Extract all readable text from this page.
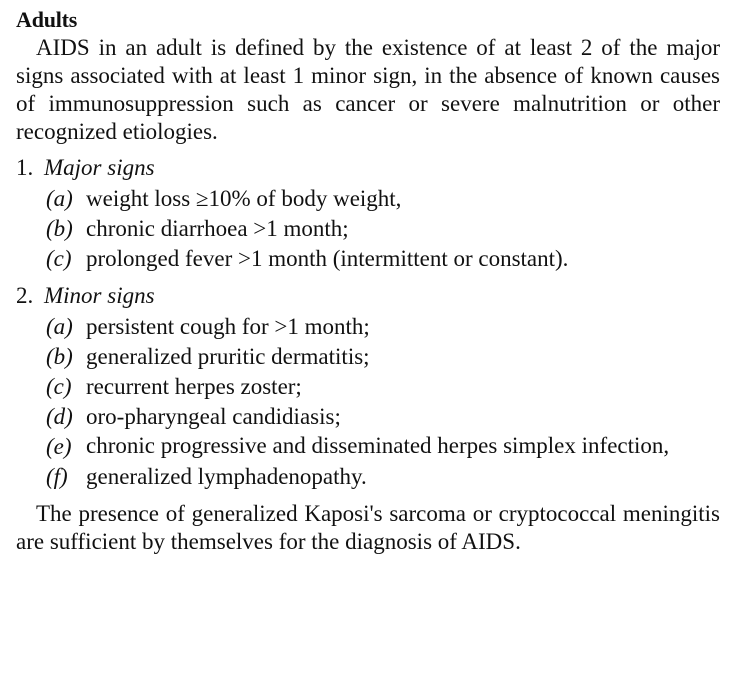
Adults

AIDS in an adult is defined by the existence of at least 2 of the major signs associated with at least 1 minor sign, in the absence of known causes of immunosuppression such as cancer or severe malnutrition or other recognized etiologies.

1. Major signs
(a) weight loss ≥10% of body weight,
(b) chronic diarrhoea >1 month;
(c) prolonged fever >1 month (intermittent or constant).
2. Minor signs
(a) persistent cough for >1 month;
(b) generalized pruritic dermatitis;
(c) recurrent herpes zoster;
(d) oro-pharyngeal candidiasis;
(e) chronic progressive and disseminated herpes simplex infection,
(f) generalized lymphadenopathy.

The presence of generalized Kaposi's sarcoma or cryptococcal meningitis are sufficient by themselves for the diagnosis of AIDS.
